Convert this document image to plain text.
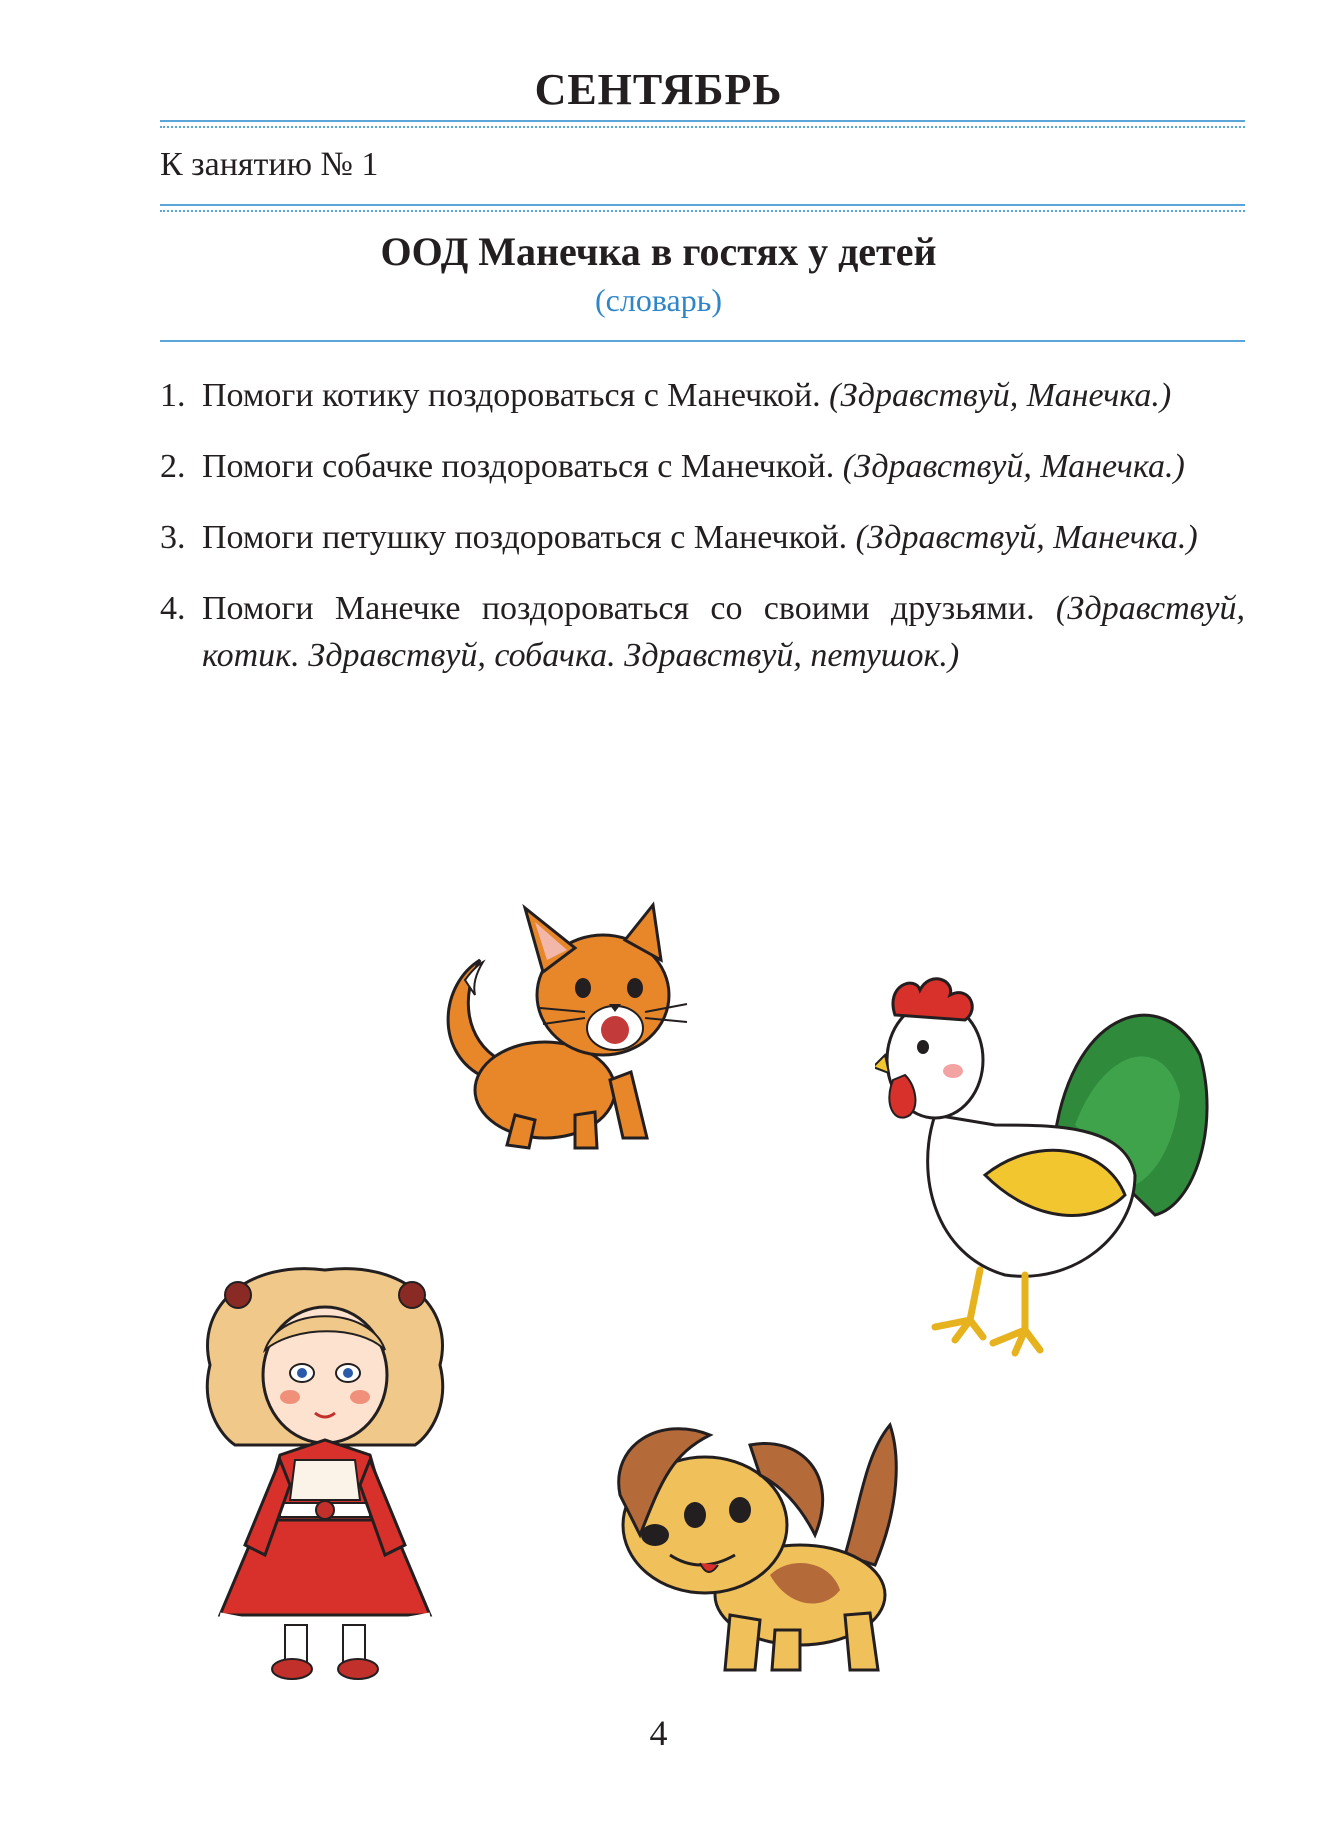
СЕНТЯБРЬ
К занятию № 1
ООД Манечка в гостях у детей
(словарь)
1. Помоги котику поздороваться с Манечкой. (Здравствуй, Манечка.)
2. Помоги собачке поздороваться с Манечкой. (Здравствуй, Манечка.)
3. Помоги петушку поздороваться с Манечкой. (Здравствуй, Манечка.)
4. Помоги Манечке поздороваться со своими друзьями. (Здравствуй, котик. Здравствуй, собачка. Здравствуй, петушок.)
4
